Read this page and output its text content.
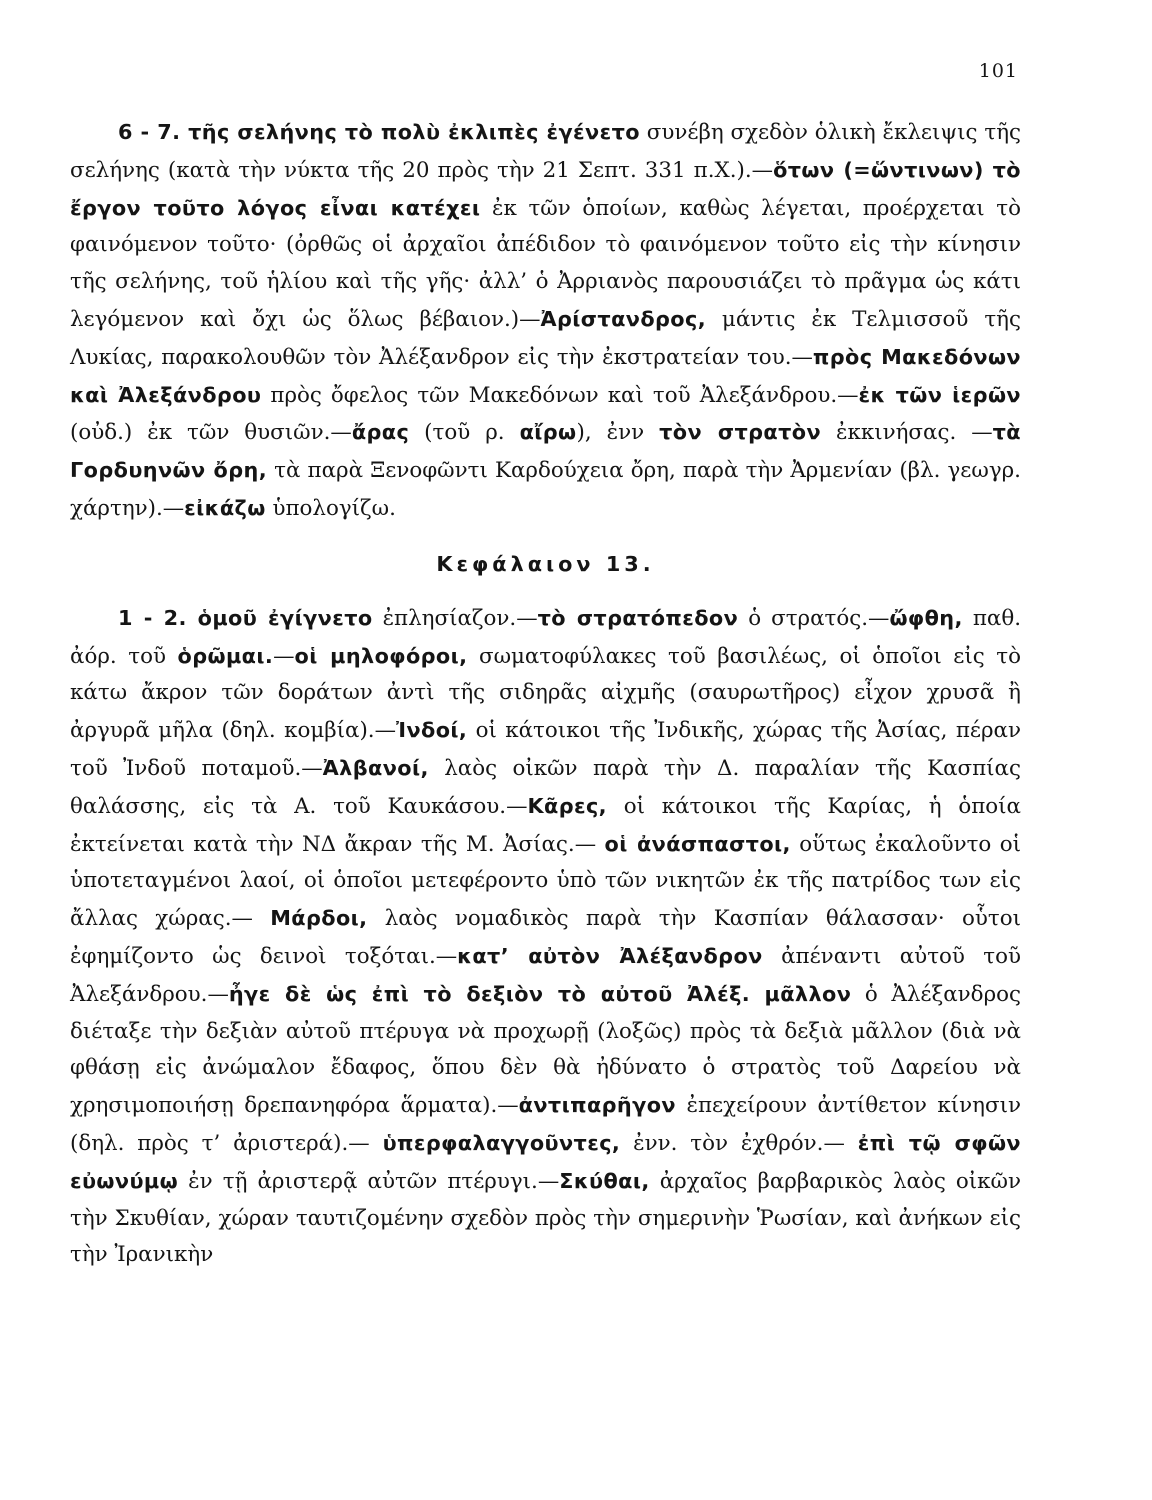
101

6 - 7. τῆς σελήνης τὸ πολὺ ἐκλιπὲς ἐγένετο συνέβη σχεδὸν ὁλικὴ ἔκλειψις τῆς σελήνης (κατὰ τὴν νύκτα τῆς 20 πρὸς τὴν 21 Σεπτ. 331 π.Χ.).—ὅτων (=ὥντινων) τὸ ἔργον τοῦτο λόγος εἶναι κατέχει ἐκ τῶν ὁποίων, καθὼς λέγεται, προέρχεται τὸ φαινόμενον τοῦτο· (ὀρθῶς οἱ ἀρχαῖοι ἀπέδιδον τὸ φαινόμενον τοῦτο εἰς τὴν κίνησιν τῆς σελήνης, τοῦ ἡλίου καὶ τῆς γῆς· ἀλλ’ ὁ Ἀρριανὸς παρουσιάζει τὸ πρᾶγμα ὡς κάτι λεγόμενον καὶ ὄχι ὡς ὅλως βέβαιον.)—Ἀρίστανδρος, μάντις ἐκ Τελμισσοῦ τῆς Λυκίας, παρακολουθῶν τὸν Ἀλέξανδρον εἰς τὴν ἐκστρατείαν του.—πρὸς Μακεδόνων καὶ Ἀλεξάνδρου πρὸς ὄφελος τῶν Μακεδόνων καὶ τοῦ Ἀλεξάνδρου.—ἐκ τῶν ἱερῶν (οὐδ.) ἐκ τῶν θυσιῶν.—ἄρας (τοῦ ρ. αἴρω), ἐνν τὸν στρατὸν ἐκκινήσας. —τὰ Γορδυηνῶν ὄρη, τὰ παρὰ Ξενοφῶντι Καρδούχεια ὄρη, παρὰ τὴν Ἀρμενίαν (βλ. γεωγρ. χάρτην).—εἰκάζω ὑπολογίζω.

Κεφάλαιον 13.

1 - 2. ὁμοῦ ἐγίγνετο ἐπλησίαζον.—τὸ στρατόπεδον ὁ στρατός.—ὤφθη, παθ. ἀόρ. τοῦ ὁρῶμαι.—οἱ μηλοφόροι, σωματοφύλακες τοῦ βασιλέως, οἱ ὁποῖοι εἰς τὸ κάτω ἄκρον τῶν δοράτων ἀντὶ τῆς σιδηρᾶς αἰχμῆς (σαυρωτῆρος) εἶχον χρυσᾶ ἢ ἀργυρᾶ μῆλα (δηλ. κομβία).—Ἰνδοί, οἱ κάτοικοι τῆς Ἰνδικῆς, χώρας τῆς Ἀσίας, πέραν τοῦ Ἰνδοῦ ποταμοῦ.—Ἀλβανοί, λαὸς οἰκῶν παρὰ τὴν Δ. παραλίαν τῆς Κασπίας θαλάσσης, εἰς τὰ Α. τοῦ Καυκάσου.—Κᾶρες, οἱ κάτοικοι τῆς Καρίας, ἡ ὁποία ἐκτείνεται κατὰ τὴν ΝΔ ἄκραν τῆς Μ. Ἀσίας.— οἱ ἀνάσπαστοι, οὕτως ἐκαλοῦντο οἱ ὑποτεταγμένοι λαοί, οἱ ὁποῖοι μετεφέροντο ὑπὸ τῶν νικητῶν ἐκ τῆς πατρίδος των εἰς ἄλλας χώρας.— Μάρδοι, λαὸς νομαδικὸς παρὰ τὴν Κασπίαν θάλασσαν· οὗτοι ἐφημίζοντο ὡς δεινοὶ τοξόται.—κατ’ αὐτὸν Ἀλέξανδρον ἀπέναντι αὐτοῦ τοῦ Ἀλεξάνδρου.—ἦγε δὲ ὡς ἐπὶ τὸ δεξιὸν τὸ αὐτοῦ Ἀλέξ. μᾶλλον ὁ Ἀλέξανδρος διέταξε τὴν δεξιὰν αὐτοῦ πτέρυγα νὰ προχωρῇ (λοξῶς) πρὸς τὰ δεξιὰ μᾶλλον (διὰ νὰ φθάσῃ εἰς ἀνώμαλον ἔδαφος, ὅπου δὲν θὰ ἠδύνατο ὁ στρατὸς τοῦ Δαρείου νὰ χρησιμοποιήσῃ δρεπανηφόρα ἅρματα).—ἀντιπαρῆγον ἐπεχείρουν ἀντίθετον κίνησιν (δηλ. πρὸς τ’ ἀριστερά).— ὑπερφαλαγγοῦντες, ἐνν. τὸν ἐχθρόν.— ἐπὶ τῷ σφῶν εὐωνύμῳ ἐν τῇ ἀριστερᾷ αὐτῶν πτέρυγι.—Σκύθαι, ἀρχαῖος βαρβαρικὸς λαὸς οἰκῶν τὴν Σκυθίαν, χώραν ταυτιζομένην σχεδὸν πρὸς τὴν σημερινὴν Ῥωσίαν, καὶ ἀνήκων εἰς τὴν Ἰρανικὴν
